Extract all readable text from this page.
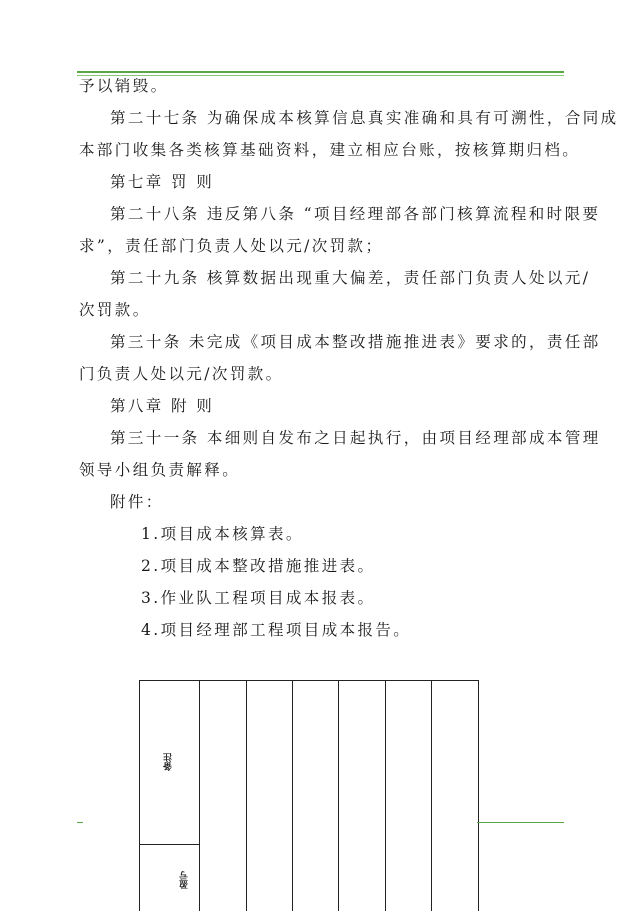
予以销毁。
第二十七条 为确保成本核算信息真实准确和具有可溯性，合同成
本部门收集各类核算基础资料，建立相应台账，按核算期归档。
第七章 罚 则
第二十八条 违反第八条 “项目经理部各部门核算流程和时限要
求”，责任部门负责人处以元/次罚款；
第二十九条 核算数据出现重大偏差，责任部门负责人处以元/
次罚款。
第三十条 未完成《项目成本整改措施推进表》要求的，责任部
门负责人处以元/次罚款。
第八章 附 则
第三十一条 本细则自发布之日起执行，由项目经理部成本管理
领导小组负责解释。
附件：
1.项目成本核算表。
2.项目成本整改措施推进表。
3.作业队工程项目成本报表。
4.项目经理部工程项目成本报告。
备注
盈亏
